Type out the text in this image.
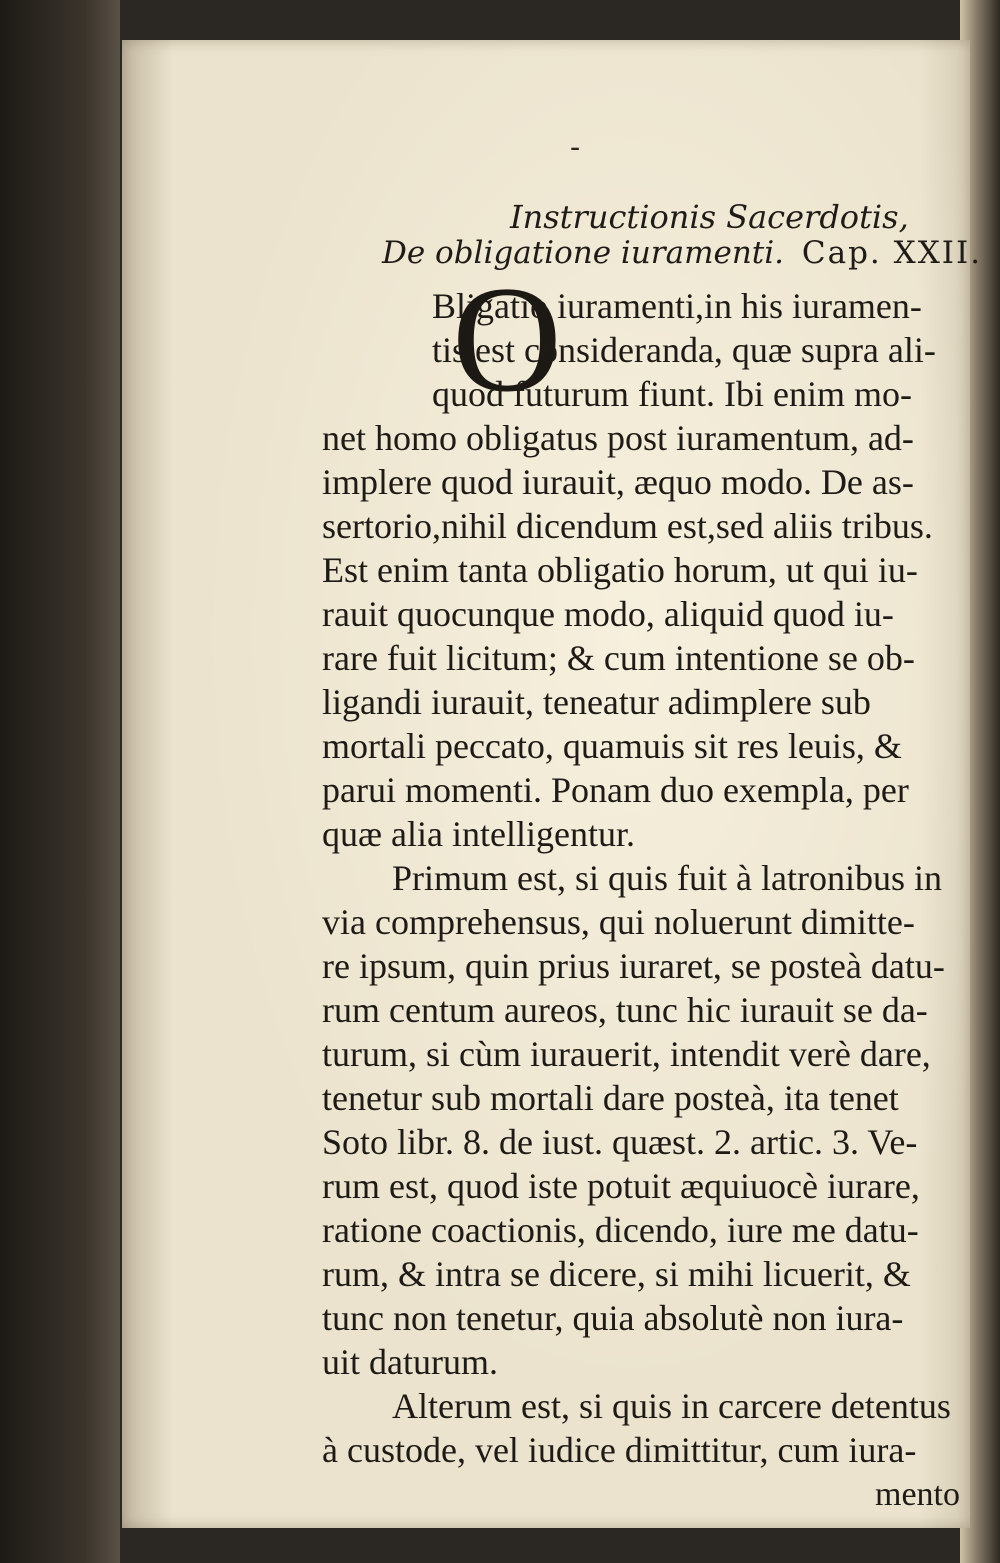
-
Instructionis Sacerdotis,
De obligatione iuramenti. Cap. XXII.
O
Bligatio iuramenti,in his iuramen-
tis est consideranda, quæ supra ali-
quod futurum fiunt. Ibi enim mo-
net homo obligatus post iuramentum, ad-
implere quod iurauit, æquo modo. De as-
sertorio,nihil dicendum est,sed aliis tribus.
Est enim tanta obligatio horum, ut qui iu-
rauit quocunque modo, aliquid quod iu-
rare fuit licitum; & cum intentione se ob-
ligandi iurauit, teneatur adimplere sub
mortali peccato, quamuis sit res leuis, &
parui momenti. Ponam duo exempla, per
quæ alia intelligentur.
Primum est, si quis fuit à latronibus in
via comprehensus, qui noluerunt dimitte-
re ipsum, quin prius iuraret, se posteà datu-
rum centum aureos, tunc hic iurauit se da-
turum, si cùm iurauerit, intendit verè dare,
tenetur sub mortali dare posteà, ita tenet
Soto libr. 8. de iust. quæst. 2. artic. 3. Ve-
rum est, quod iste potuit æquiuocè iurare,
ratione coactionis, dicendo, iure me datu-
rum, & intra se dicere, si mihi licuerit, &
tunc non tenetur, quia absolutè non iura-
uit daturum.
Alterum est, si quis in carcere detentus
à custode, vel iudice dimittitur, cum iura-
mento
